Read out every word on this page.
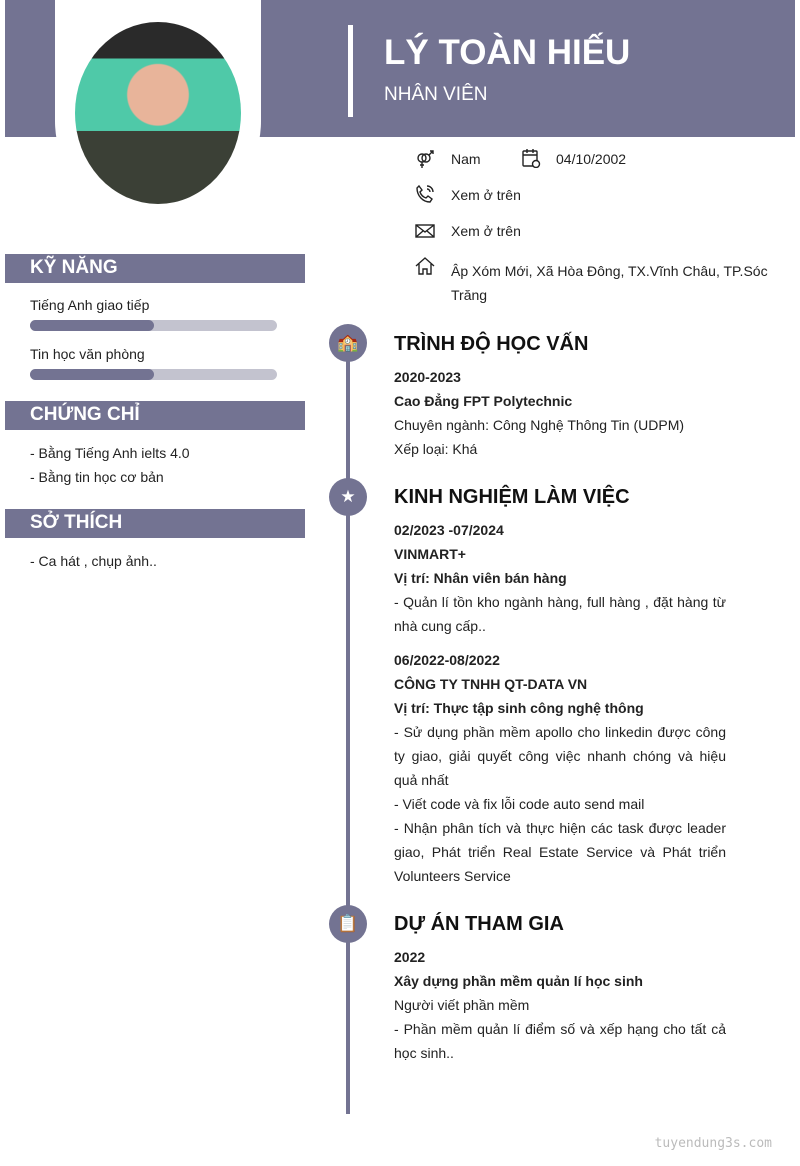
LÝ TOÀN HIẾU
NHÂN VIÊN
Nam	04/10/2002
Xem ở trên
Xem ở trên
Âp Xóm Mới, Xã Hòa Đông, TX.Vĩnh Châu, TP.Sóc Trăng
KỸ NĂNG
Tiếng Anh giao tiếp
Tin học văn phòng
CHỨNG CHỈ
- Bằng Tiếng Anh ielts 4.0
- Bằng tin học cơ bản
SỞ THÍCH
- Ca hát , chụp ảnh..
🏫	TRÌNH ĐỘ HỌC VẤN
2020-2023
Cao Đẳng FPT Polytechnic
Chuyên ngành: Công Nghệ Thông Tin (UDPM)
Xếp loại: Khá
★	KINH NGHIỆM LÀM VIỆC
02/2023 -07/2024
VINMART+
Vị trí: Nhân viên bán hàng
- Quản lí tồn kho ngành hàng, full hàng , đặt hàng từ nhà cung cấp..
06/2022-08/2022
CÔNG TY TNHH QT-DATA VN
Vị trí: Thực tập sinh công nghệ thông
- Sử dụng phần mềm apollo cho linkedin được công ty giao, giải quyết công việc nhanh chóng và hiệu quả nhất
- Viết code và fix lỗi code auto send mail
- Nhận phân tích và thực hiện các task được leader giao, Phát triển Real Estate Service và Phát triển Volunteers Service
📋	DỰ ÁN THAM GIA
2022
Xây dựng phần mềm quản lí học sinh
Người viết phần mềm
- Phần mềm quản lí điểm số và xếp hạng cho tất cả học sinh..
tuyendung3s.com
